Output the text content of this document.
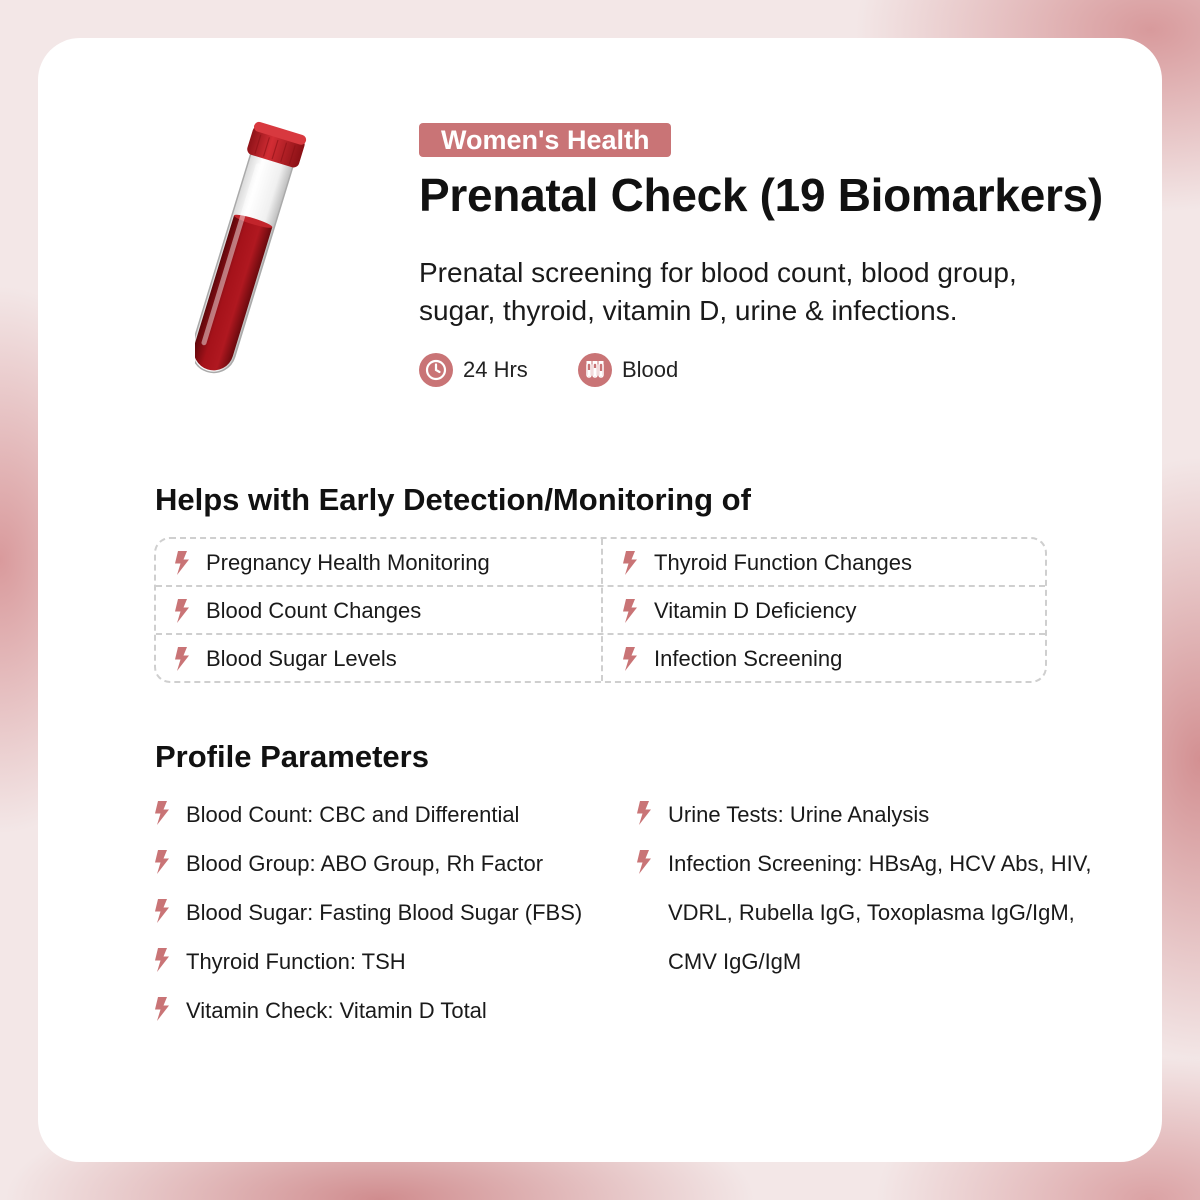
Women's Health
Prenatal Check (19 Biomarkers)
Prenatal screening for blood count, blood group,
sugar, thyroid, vitamin D, urine & infections.
24 Hrs	Blood
Helps with Early Detection/Monitoring of
Pregnancy Health Monitoring	Thyroid Function Changes
Blood Count Changes	Vitamin D Deficiency
Blood Sugar Levels	Infection Screening
Profile Parameters
Blood Count: CBC and Differential
Blood Group: ABO Group, Rh Factor
Blood Sugar: Fasting Blood Sugar (FBS)
Thyroid Function: TSH
Vitamin Check: Vitamin D Total
Urine Tests: Urine Analysis
Infection Screening: HBsAg, HCV Abs, HIV,
VDRL, Rubella IgG, Toxoplasma IgG/IgM,
CMV IgG/IgM
